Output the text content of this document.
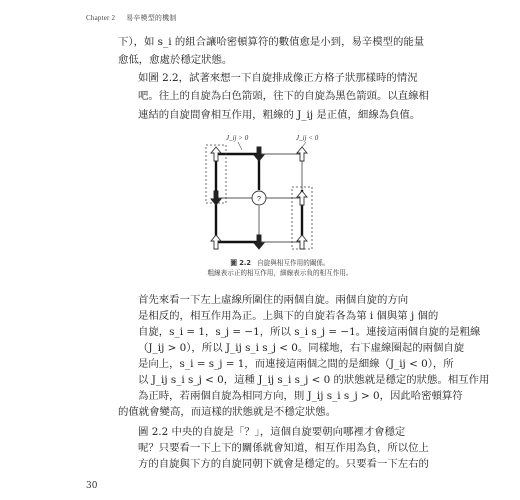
Chapter 2 易辛模型的機制
下），如 s_i 的組合讓哈密頓算符的數值愈是小到，易辛模型的能量
愈低，愈處於穩定狀態。
如圖 2.2，試著來想一下自旋排成像正方格子狀那樣時的情況
吧。往上的自旋為白色箭頭，往下的自旋為黑色箭頭。以直線相
連結的自旋間會相互作用，粗線的 J_ij 是正值，細線為負值。
J_ij > 0	J_ij < 0
?
圖 2.2 自旋與相互作用的關係。
粗線表示正的相互作用，細線表示負的相互作用。
首先來看一下左上虛線所圍住的兩個自旋。兩個自旋的方向
是相反的，相互作用為正。上與下的自旋若各為第 i 個與第 j 個的
自旋，s_i = 1，s_j = −1，所以 s_i s_j = −1。連接這兩個自旋的是粗線
（J_ij > 0），所以 J_ij s_i s_j < 0。同樣地，右下虛線圈起的兩個自旋
是向上，s_i = s_j = 1，而連接這兩個之間的是細線（J_ij < 0），所
以 J_ij s_i s_j < 0，這種 J_ij s_i s_j < 0 的狀態就是穩定的狀態。相互作用
為正時，若兩個自旋為相同方向，則 J_ij s_i s_j > 0，因此哈密頓算符
的值就會變高，而這樣的狀態就是不穩定狀態。
圖 2.2 中央的自旋是「？」，這個自旋要朝向哪裡才會穩定
呢？只要看一下上下的關係就會知道，相互作用為負，所以位上
方的自旋與下方的自旋同朝下就會是穩定的。只要看一下左右的
30
